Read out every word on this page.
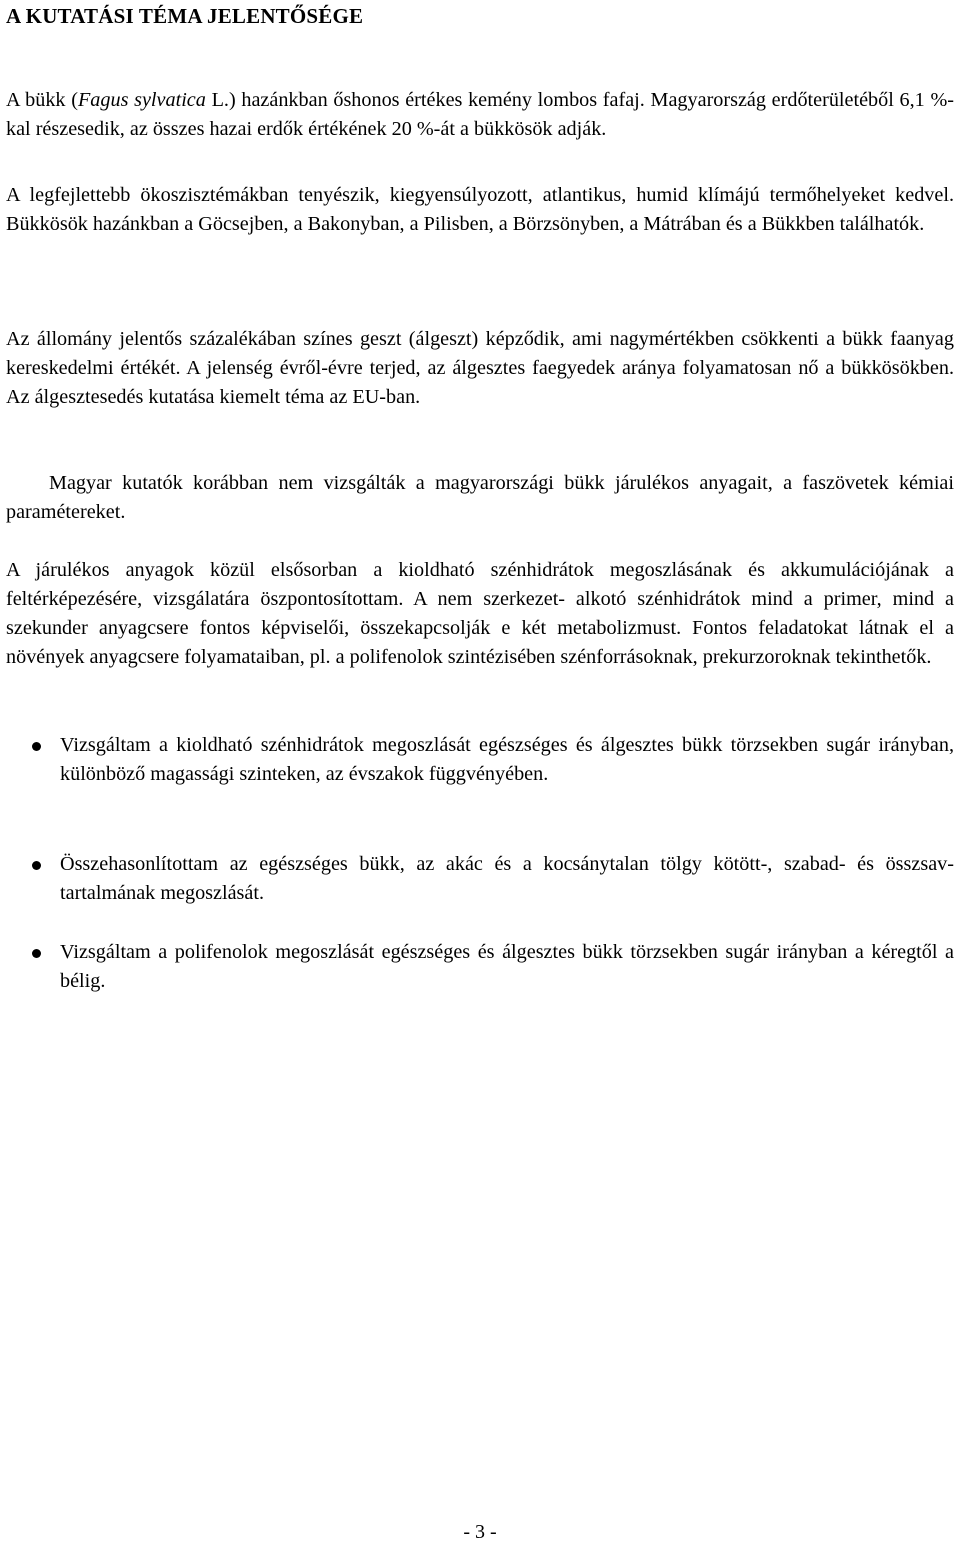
A KUTATÁSI TÉMA JELENTŐSÉGE

A bükk (Fagus sylvatica L.) hazánkban őshonos értékes kemény lombos fafaj. Magyarország erdőterületéből 6,1 %-kal részesedik, az összes hazai erdők értékének 20 %-át a bükkösök adják.

A legfejlettebb ökoszisztémákban tenyészik, kiegyensúlyozott, atlantikus, humid klímájú termőhelyeket kedvel. Bükkösök hazánkban a Göcsejben, a Bakonyban, a Pilisben, a Börzsönyben, a Mátrában és a Bükkben találhatók.

Az állomány jelentős százalékában színes geszt (álgeszt) képződik, ami nagymértékben csökkenti a bükk faanyag kereskedelmi értékét. A jelenség évről-évre terjed, az álgesztes faegyedek aránya folyamatosan nő a bükkösökben. Az álgesztesedés kutatása kiemelt téma az EU-ban.

Magyar kutatók korábban nem vizsgálták a magyarországi bükk járulékos anyagait, a faszövetek kémiai paramétereket.

A járulékos anyagok közül elsősorban a kioldható szénhidrátok megoszlásának és akkumulációjának a feltérképezésére, vizsgálatára öszpontosítottam. A nem szerkezet- alkotó szénhidrátok mind a primer, mind a szekunder anyagcsere fontos képviselői, összekapcsolják e két metabolizmust. Fontos feladatokat látnak el a növények anyagcsere folyamataiban, pl. a polifenolok szintézisében szénforrásoknak, prekurzoroknak tekinthetők.

Vizsgáltam a kioldható szénhidrátok megoszlását egészséges és álgesztes bükk törzsekben sugár irányban, különböző magassági szinteken, az évszakok függvényében.
Összehasonlítottam az egészséges bükk, az akác és a kocsánytalan tölgy kötött-, szabad- és összsav-tartalmának megoszlását.
Vizsgáltam a polifenolok megoszlását egészséges és álgesztes bükk törzsekben sugár irányban a kéregtől a bélig.
- 3 -
